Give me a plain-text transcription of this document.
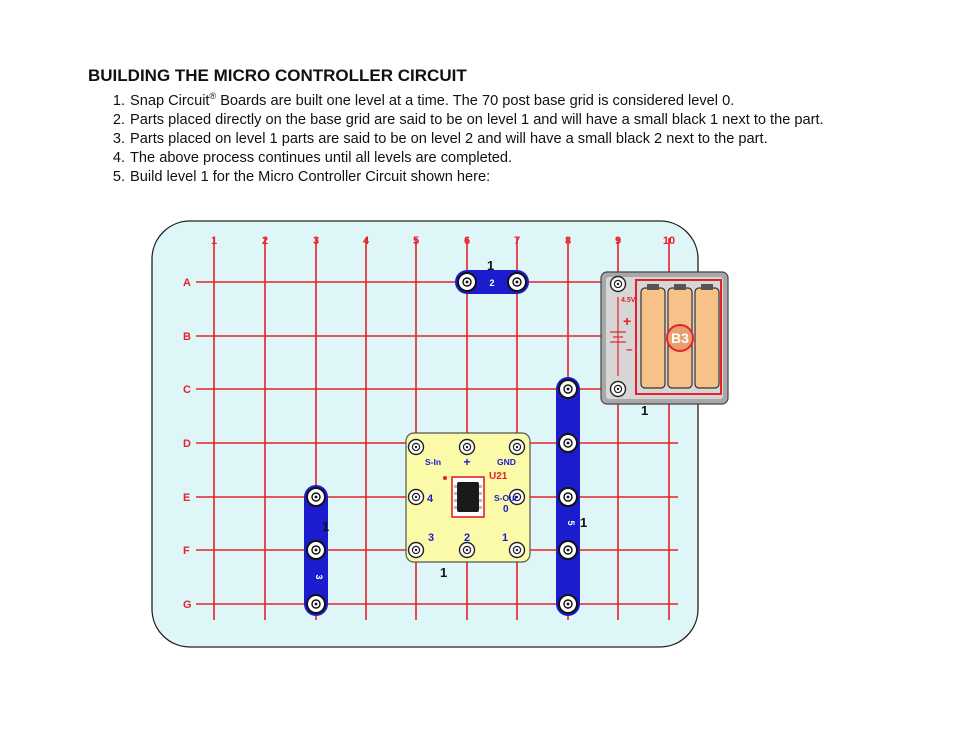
BUILDING THE MICRO CONTROLLER CIRCUIT
1. Snap Circuit® Boards are built one level at a time. The 70 post base grid is considered level 0.
2. Parts placed directly on the base grid are said to be on level 1 and will have a small black 1 next to the part.
3. Parts placed on level 1 parts are said to be on level 2 and will have a small black 2 next to the part.
4. The above process continues until all levels are completed.
5. Build level 1 for the Micro Controller Circuit shown here:
1	2	3	4	5	6	7	8	9	10
A
B
C
D
E
F
G
2
1
4.5V
+
–
B3
1
5 1
3
1
S-In +	GND
U21
4	S-Out
0
3	2	1
1
